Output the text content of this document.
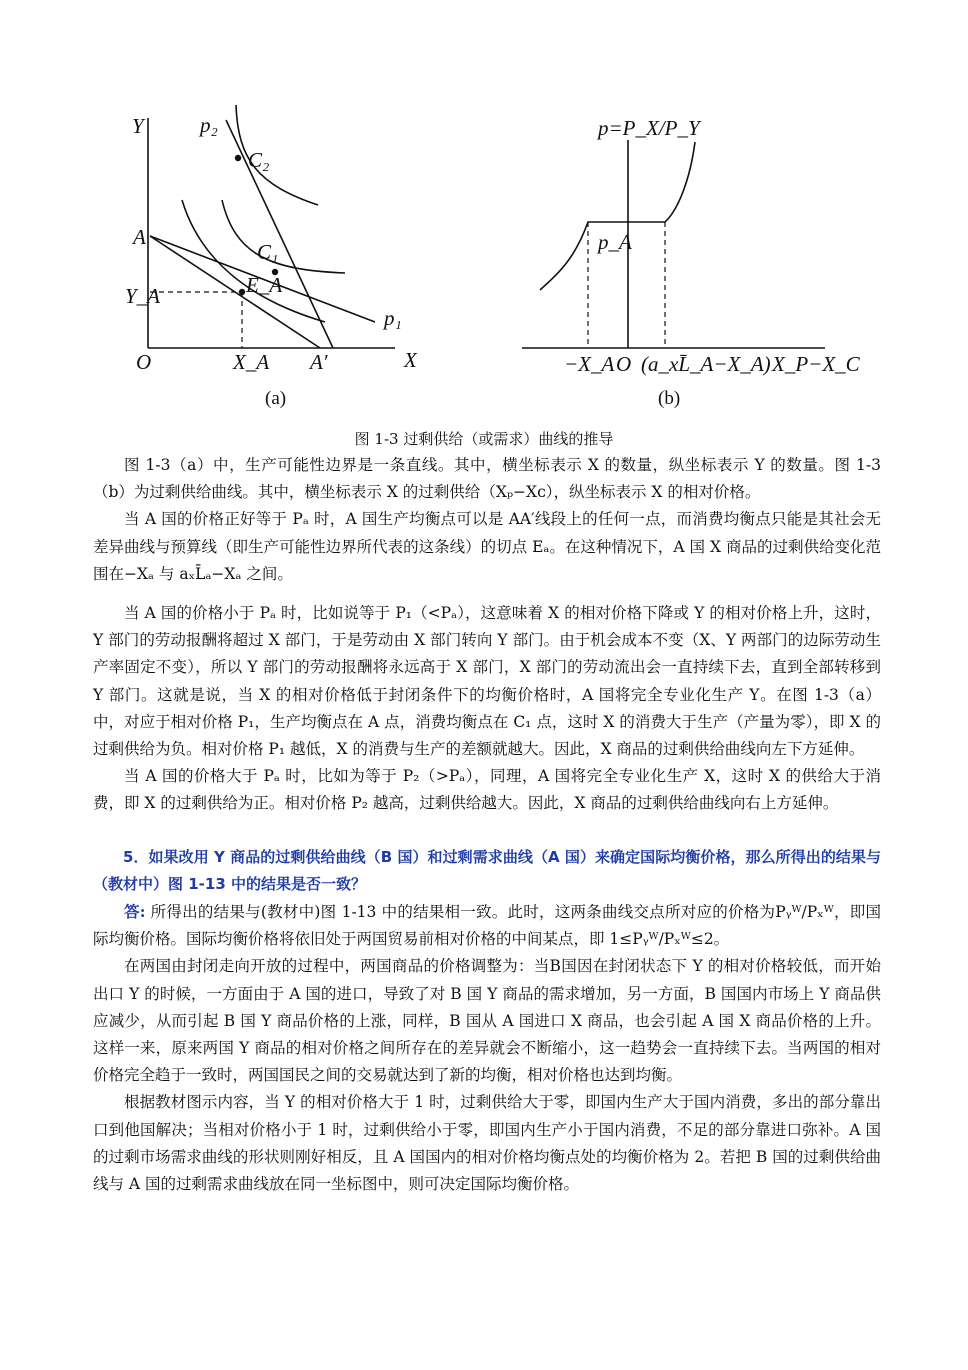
Y	p₂
C₂
A
C₁
E_A
Y_A
p₁
O	X_A A′	X
(a)
p=P_X/P_Y
p_A
−X_A O (a_xL̄_A−X_A) X_P−X_C
(b)
图 1-3 过剩供给（或需求）曲线的推导

图 1-3（a）中，生产可能性边界是一条直线。其中，横坐标表示 X 的数量，纵坐标表示 Y 的数量。图 1-3（b）为过剩供给曲线。其中，横坐标表示 X 的过剩供给（Xₚ−Xᴄ），纵坐标表示 X 的相对价格。

当 A 国的价格正好等于 Pₐ 时，A 国生产均衡点可以是 AA′线段上的任何一点，而消费均衡点只能是其社会无差异曲线与预算线（即生产可能性边界所代表的这条线）的切点 Eₐ。在这种情况下，A 国 X 商品的过剩供给变化范围在−Xₐ 与 aₓL̄ₐ−Xₐ 之间。

当 A 国的价格小于 Pₐ 时，比如说等于 P₁（<Pₐ），这意味着 X 的相对价格下降或 Y 的相对价格上升，这时，Y 部门的劳动报酬将超过 X 部门，于是劳动由 X 部门转向 Y 部门。由于机会成本不变（X、Y 两部门的边际劳动生产率固定不变），所以 Y 部门的劳动报酬将永远高于 X 部门，X 部门的劳动流出会一直持续下去，直到全部转移到 Y 部门。这就是说，当 X 的相对价格低于封闭条件下的均衡价格时，A 国将完全专业化生产 Y。在图 1-3（a）中，对应于相对价格 P₁，生产均衡点在 A 点，消费均衡点在 C₁ 点，这时 X 的消费大于生产（产量为零），即 X 的过剩供给为负。相对价格 P₁ 越低，X 的消费与生产的差额就越大。因此，X 商品的过剩供给曲线向左下方延伸。

当 A 国的价格大于 Pₐ 时，比如为等于 P₂（>Pₐ），同理，A 国将完全专业化生产 X，这时 X 的供给大于消费，即 X 的过剩供给为正。相对价格 P₂ 越高，过剩供给越大。因此，X 商品的过剩供给曲线向右上方延伸。

5．如果改用 Y 商品的过剩供给曲线（B 国）和过剩需求曲线（A 国）来确定国际均衡价格，那么所得出的结果与（教材中）图 1-13 中的结果是否一致？

答: 所得出的结果与(教材中)图 1-13 中的结果相一致。此时，这两条曲线交点所对应的价格为Pᵧᵂ/Pₓᵂ，即国际均衡价格。国际均衡价格将依旧处于两国贸易前相对价格的中间某点，即 1≤Pᵧᵂ/Pₓᵂ≤2。

在两国由封闭走向开放的过程中，两国商品的价格调整为：当B国因在封闭状态下 Y 的相对价格较低，而开始出口 Y 的时候，一方面由于 A 国的进口，导致了对 B 国 Y 商品的需求增加，另一方面，B 国国内市场上 Y 商品供应减少，从而引起 B 国 Y 商品价格的上涨，同样，B 国从 A 国进口 X 商品，也会引起 A 国 X 商品价格的上升。这样一来，原来两国 Y 商品的相对价格之间所存在的差异就会不断缩小，这一趋势会一直持续下去。当两国的相对价格完全趋于一致时，两国国民之间的交易就达到了新的均衡，相对价格也达到均衡。

根据教材图示内容，当 Y 的相对价格大于 1 时，过剩供给大于零，即国内生产大于国内消费，多出的部分靠出口到他国解决；当相对价格小于 1 时，过剩供给小于零，即国内生产小于国内消费，不足的部分靠进口弥补。A 国的过剩市场需求曲线的形状则刚好相反，且 A 国国内的相对价格均衡点处的均衡价格为 2。若把 B 国的过剩供给曲线与 A 国的过剩需求曲线放在同一坐标图中，则可决定国际均衡价格。
